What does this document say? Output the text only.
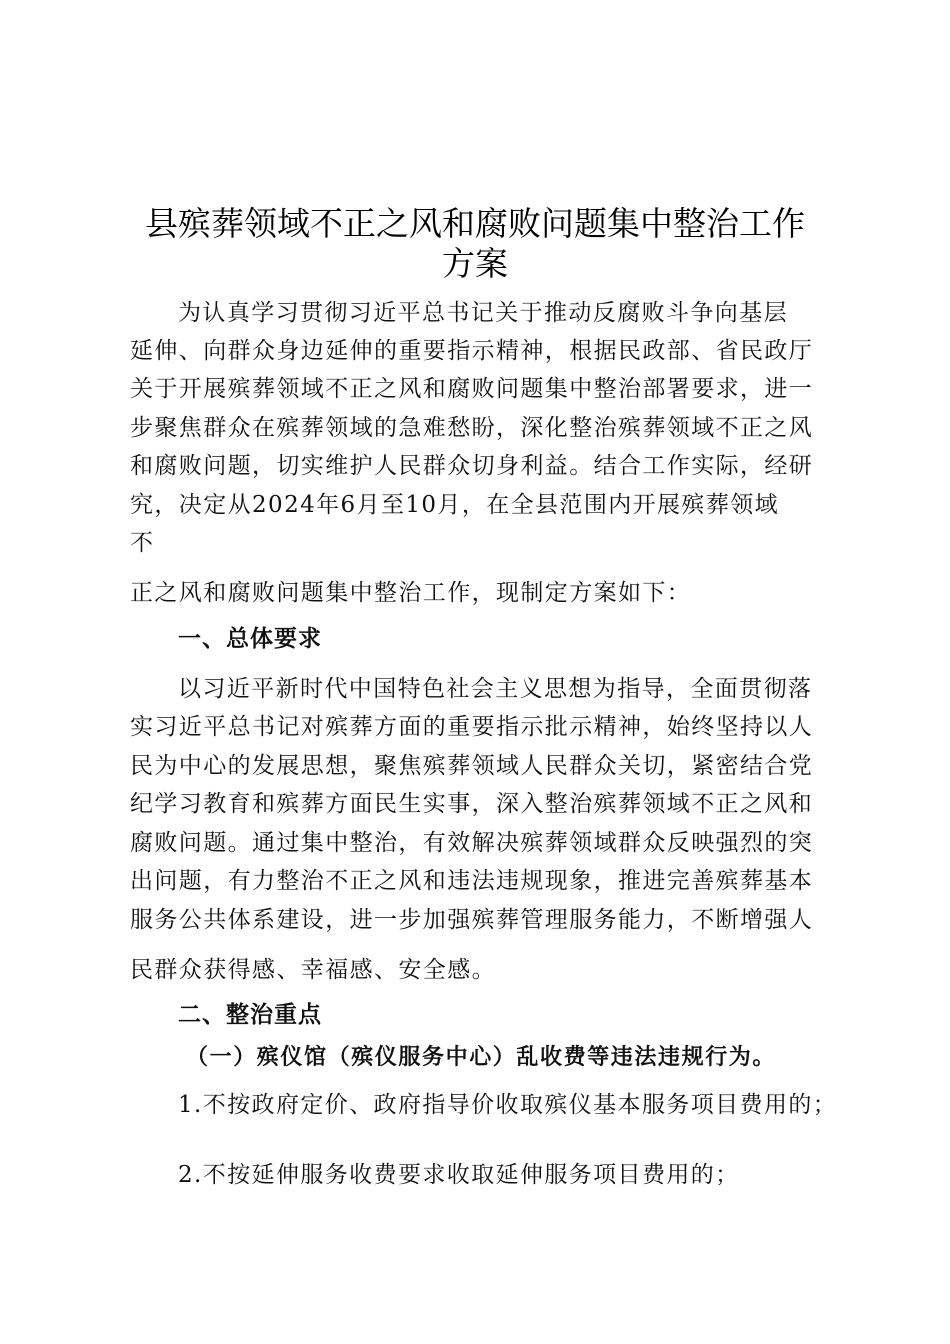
县殡葬领域不正之风和腐败问题集中整治工作
方案
为认真学习贯彻习近平总书记关于推动反腐败斗争向基层
延伸、向群众身边延伸的重要指示精神，根据民政部、省民政厅
关于开展殡葬领域不正之风和腐败问题集中整治部署要求，进一
步聚焦群众在殡葬领域的急难愁盼，深化整治殡葬领域不正之风
和腐败问题，切实维护人民群众切身利益。结合工作实际，经研
究，决定从2024年6月至10月，在全县范围内开展殡葬领域
不
正之风和腐败问题集中整治工作，现制定方案如下：
一、总体要求
以习近平新时代中国特色社会主义思想为指导，全面贯彻落
实习近平总书记对殡葬方面的重要指示批示精神，始终坚持以人
民为中心的发展思想，聚焦殡葬领域人民群众关切，紧密结合党
纪学习教育和殡葬方面民生实事，深入整治殡葬领域不正之风和
腐败问题。通过集中整治，有效解决殡葬领域群众反映强烈的突
出问题，有力整治不正之风和违法违规现象，推进完善殡葬基本
服务公共体系建设，进一步加强殡葬管理服务能力，不断增强人
民群众获得感、幸福感、安全感。
二、整治重点
（一）殡仪馆（殡仪服务中心）乱收费等违法违规行为。
1.不按政府定价、政府指导价收取殡仪基本服务项目费用的；
2.不按延伸服务收费要求收取延伸服务项目费用的；
